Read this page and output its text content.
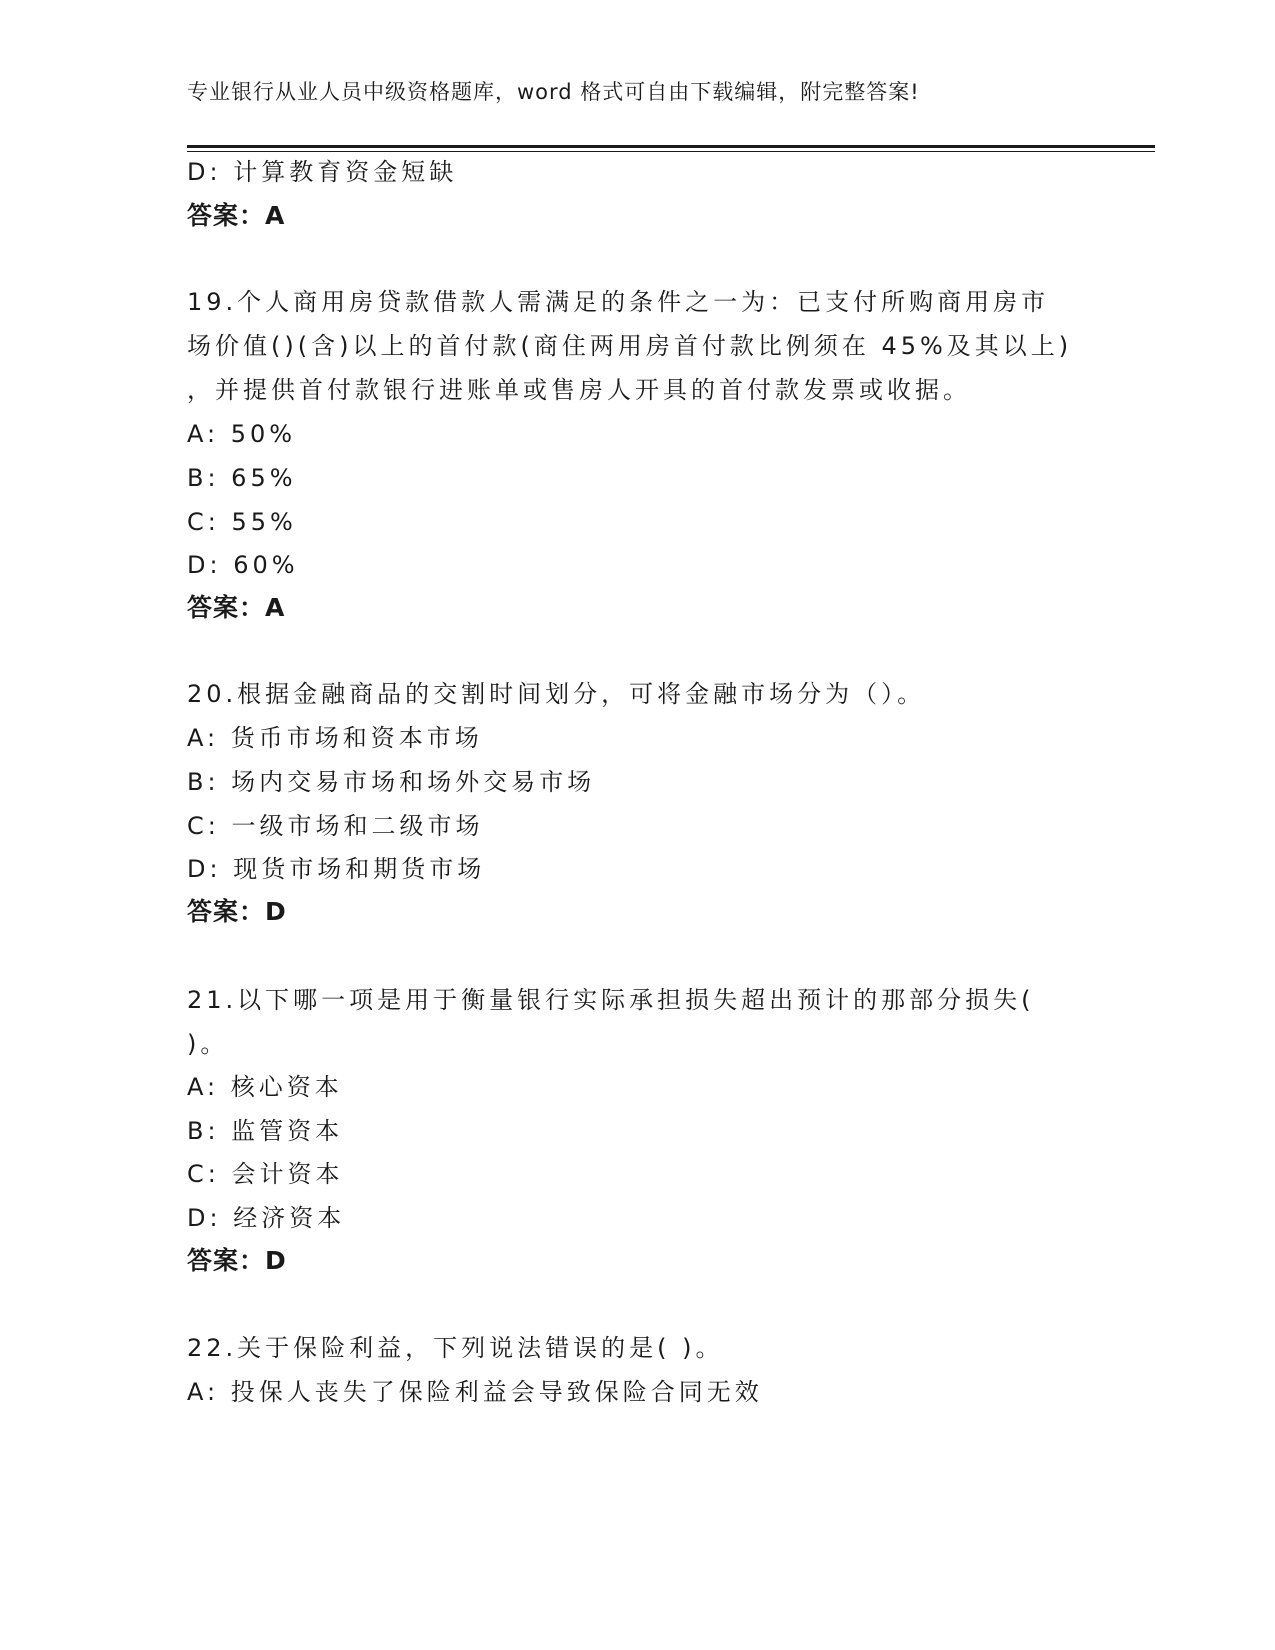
专业银行从业人员中级资格题库，word 格式可自由下载编辑，附完整答案!
D: 计算教育资金短缺
答案：A
19.个人商用房贷款借款人需满足的条件之一为：已支付所购商用房市
场价值()(含)以上的首付款(商住两用房首付款比例须在 45%及其以上)
，并提供首付款银行进账单或售房人开具的首付款发票或收据。
A: 50%
B: 65%
C: 55%
D: 60%
答案：A
20.根据金融商品的交割时间划分，可将金融市场分为（）。
A: 货币市场和资本市场
B: 场内交易市场和场外交易市场
C: 一级市场和二级市场
D: 现货市场和期货市场
答案：D
21.以下哪一项是用于衡量银行实际承担损失超出预计的那部分损失(
)。
A: 核心资本
B: 监管资本
C: 会计资本
D: 经济资本
答案：D
22.关于保险利益，下列说法错误的是( )。
A: 投保人丧失了保险利益会导致保险合同无效
